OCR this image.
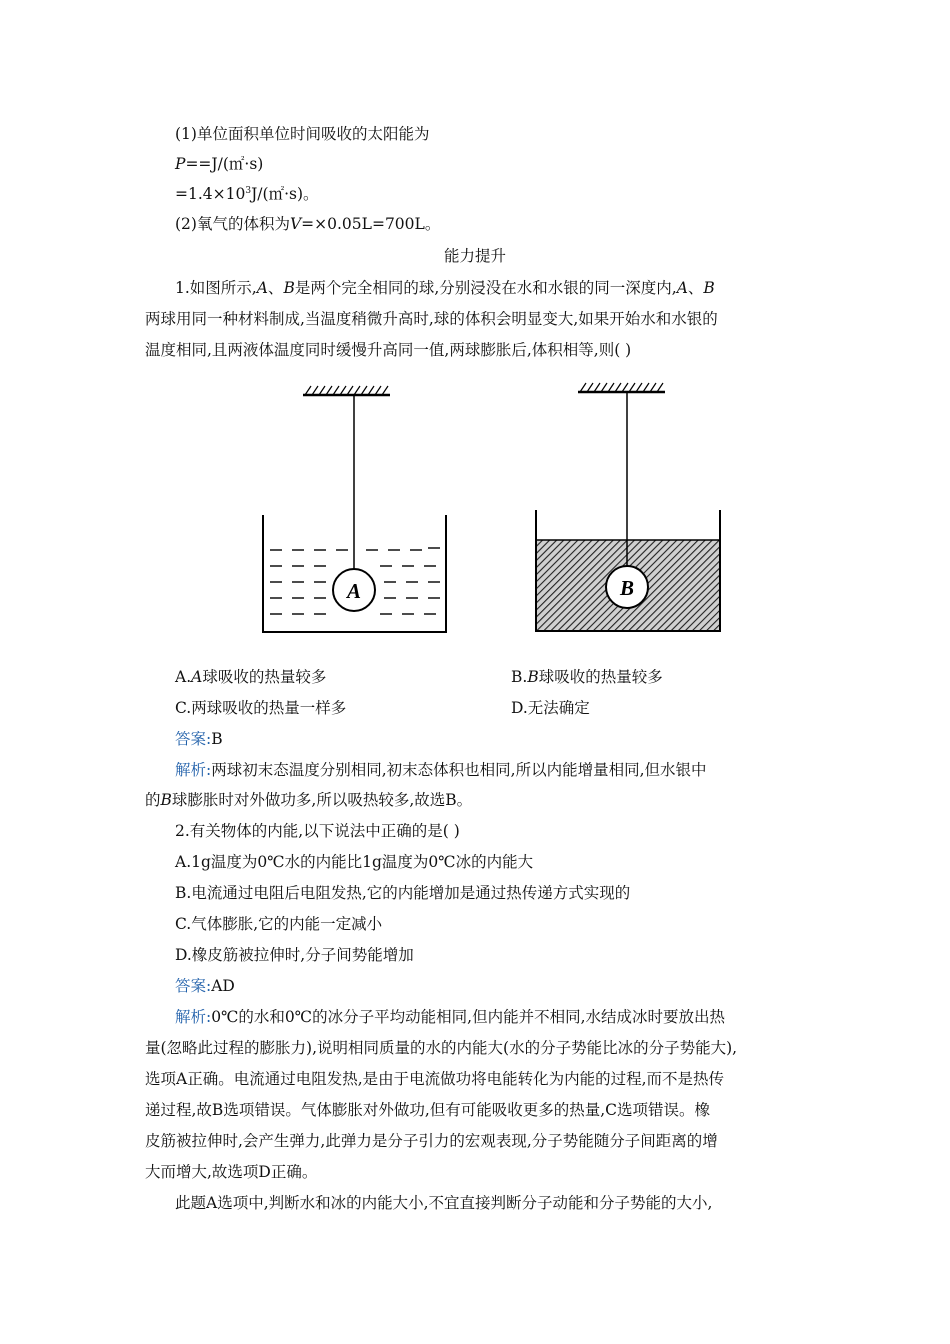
(1)单位面积单位时间吸收的太阳能为
P==J/(㎡·s)
$=1.4\times 10^3J/(㎡\cdot s)$。
(2)氧气的体积为V=×0.05L=700L。
能力提升
1.如图所示,A、B是两个完全相同的球,分别浸没在水和水银的同一深度内,A、B
两球用同一种材料制成,当温度稍微升高时,球的体积会明显变大,如果开始水和水银的
温度相同,且两液体温度同时缓慢升高同一值,两球膨胀后,体积相等,则( )
A	B
A.A球吸收的热量较多	B.B球吸收的热量较多
C.两球吸收的热量一样多	D.无法确定
答案:B
解析:两球初末态温度分别相同,初末态体积也相同,所以内能增量相同,但水银中
的B球膨胀时对外做功多,所以吸热较多,故选B。
2.有关物体的内能,以下说法中正确的是( )
A.1g温度为0℃水的内能比1g温度为0℃冰的内能大
B.电流通过电阻后电阻发热,它的内能增加是通过热传递方式实现的
C.气体膨胀,它的内能一定减小
D.橡皮筋被拉伸时,分子间势能增加
答案:AD
解析:0℃的水和0℃的冰分子平均动能相同,但内能并不相同,水结成冰时要放出热
量(忽略此过程的膨胀力),说明相同质量的水的内能大(水的分子势能比冰的分子势能大),
选项A正确。电流通过电阻发热,是由于电流做功将电能转化为内能的过程,而不是热传
递过程,故B选项错误。气体膨胀对外做功,但有可能吸收更多的热量,C选项错误。橡
皮筋被拉伸时,会产生弹力,此弹力是分子引力的宏观表现,分子势能随分子间距离的增
大而增大,故选项D正确。
此题A选项中,判断水和冰的内能大小,不宜直接判断分子动能和分子势能的大小,
